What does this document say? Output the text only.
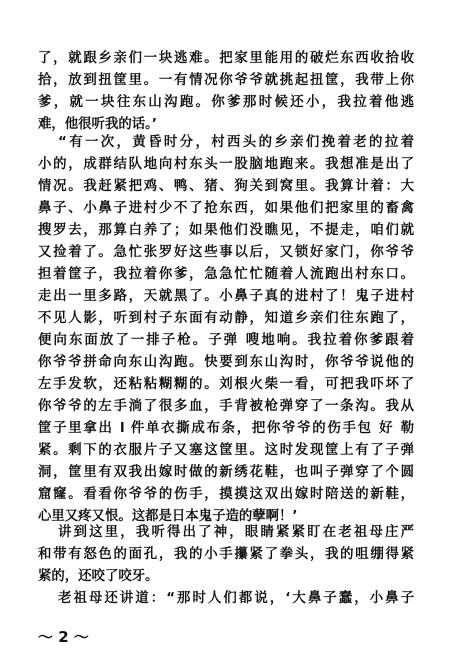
了，就跟乡亲们一块逃难。把家里能用的破烂东西收拾收
拾，放到扭筐里。一有情况你爷爷就挑起扭筐，我带上你
爹，就一块往东山沟跑。你爹那时候还小，我拉着他逃
难，他很听我的话。’
“有一次，黄昏时分，村西头的乡亲们挽着老的拉着
小的，成群结队地向村东头一股脑地跑来。我想准是出了
情况。我赶紧把鸡、鸭、猪、狗关到窝里。我算计着：大
鼻子、小鼻子进村少不了抢东西，如果他们把家里的畜禽
搜罗去，那算白养了；如果他们没瞧见，不提走，咱们就
又捡着了。急忙张罗好这些事以后，又锁好家门，你爷爷
担着筐子，我拉着你爹，急急忙忙随着人流跑出村东口。
走出一里多路，天就黑了。小鼻子真的进村了！鬼子进村
不见人影，听到村子东面有动静，知道乡亲们往东跑了，
便向东面放了一排子枪。子弹 嗖地响。我拉着你爹跟着
你爷爷拼命向东山沟跑。快要到东山沟时，你爷爷说他的
左手发软，还粘粘糊糊的。刘根火柴一看，可把我吓坏了
你爷爷的左手淌了很多血，手背被枪弹穿了一条沟。我从
筐子里拿出 l 件单衣撕成布条，把你爷爷的伤手包 好 勒
紧。剩下的衣服片子又塞这筐里。这时发现筐上有了子弹
洞，筐里有双我出嫁时做的新绣花鞋，也叫子弹穿了个圆
窟窿。看看你爷爷的伤手，摸摸这双出嫁时陪送的新鞋，
心里又疼又恨。这都是日本鬼子造的孽啊！’
讲到这里，我听得出了神，眼睛紧紧盯在老祖母庄严
和带有怒色的面孔，我的小手攥紧了拳头，我的咀绷得紧
紧的，还咬了咬牙。
老祖母还讲道：“那时人们都说，‘大鼻子蠢，小鼻子
～ 2 ～
